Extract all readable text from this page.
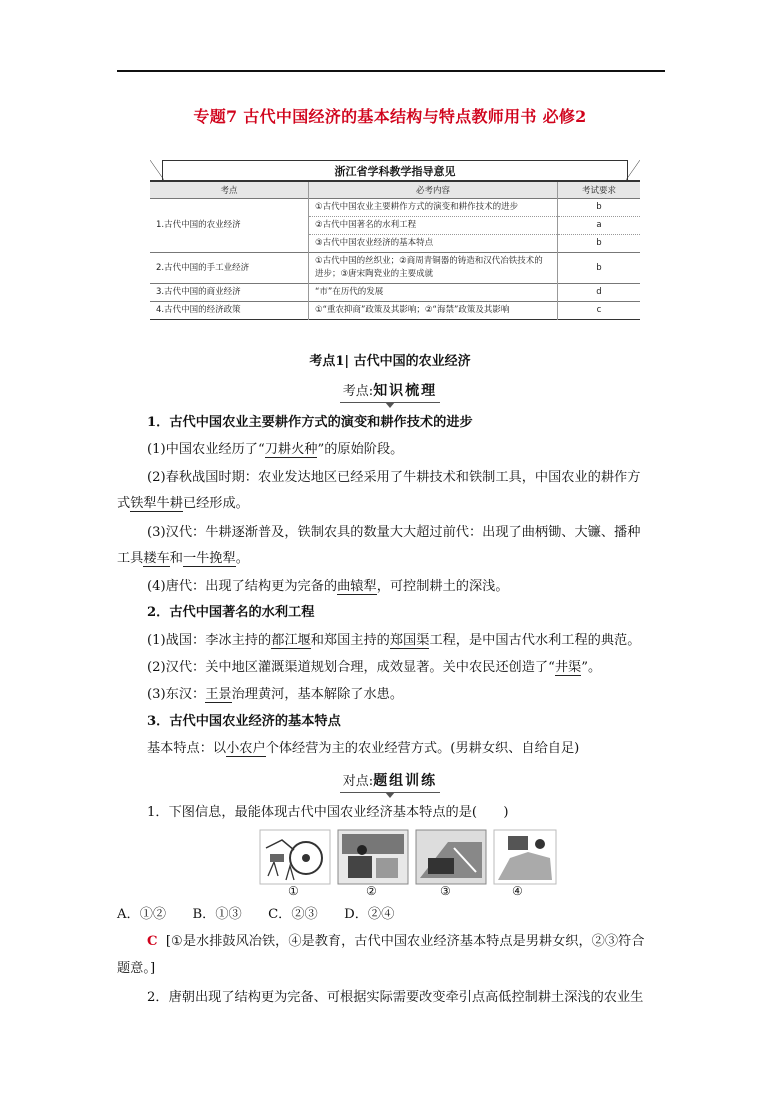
专题7 古代中国经济的基本结构与特点教师用书 必修2
浙江省学科教学指导意见
考点	必考内容	考试要求
1.古代中国的农业经济	①古代中国农业主要耕作方式的演变和耕作技术的进步	b
	②古代中国著名的水利工程	a
	③古代中国农业经济的基本特点	b
2.古代中国的手工业经济	①古代中国的丝织业；②商周青铜器的铸造和汉代冶铁技术的进步；③唐宋陶瓷业的主要成就	b
3.古代中国的商业经济	“市”在历代的发展	d
4.古代中国的经济政策	①“重农抑商”政策及其影响；②“海禁”政策及其影响	c
考点1| 古代中国的农业经济
考点:知识梳理
1．古代中国农业主要耕作方式的演变和耕作技术的进步
(1)中国农业经历了“刀耕火种”的原始阶段。
(2)春秋战国时期：农业发达地区已经采用了牛耕技术和铁制工具，中国农业的耕作方
式铁犁牛耕已经形成。
(3)汉代：牛耕逐渐普及，铁制农具的数量大大超过前代：出现了曲柄锄、大镰、播种
工具耧车和一牛挽犁。
(4)唐代：出现了结构更为完备的曲辕犁，可控制耕土的深浅。
2．古代中国著名的水利工程
(1)战国：李冰主持的都江堰和郑国主持的郑国渠工程，是中国古代水利工程的典范。
(2)汉代：关中地区灌溉渠道规划合理，成效显著。关中农民还创造了“井渠”。
(3)东汉：王景治理黄河，基本解除了水患。
3．古代中国农业经济的基本特点
基本特点：以小农户个体经营为主的农业经营方式。(男耕女织、自给自足)
对点:题组训练
1．下图信息，最能体现古代中国农业经济基本特点的是(　　)
①	②	③	④
A．①②　　B．①③　　C．②③　　D．②④
C [①是水排鼓风冶铁，④是教育，古代中国农业经济基本特点是男耕女织，②③符合
题意。]
2．唐朝出现了结构更为完备、可根据实际需要改变牵引点高低控制耕土深浅的农业生
